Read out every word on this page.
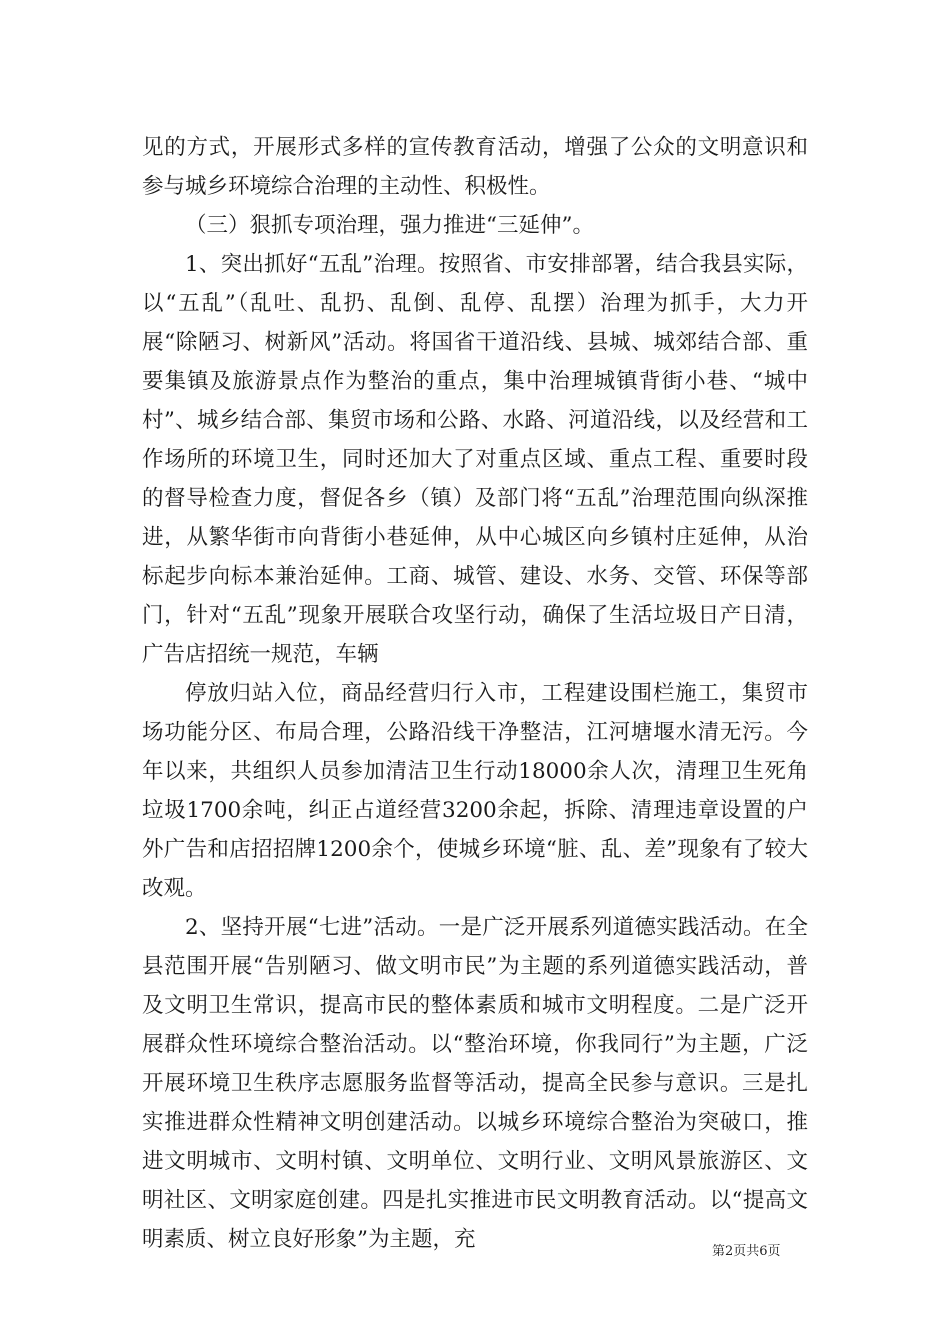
见的方式，开展形式多样的宣传教育活动，增强了公众的文明意识和参与城乡环境综合治理的主动性、积极性。

（三）狠抓专项治理，强力推进“三延伸”。

1、突出抓好“五乱”治理。按照省、市安排部署，结合我县实际，以“五乱”（乱吐、乱扔、乱倒、乱停、乱摆）治理为抓手，大力开展“除陋习、树新风”活动。将国省干道沿线、县城、城郊结合部、重要集镇及旅游景点作为整治的重点，集中治理城镇背街小巷、“城中村”、城乡结合部、集贸市场和公路、水路、河道沿线，以及经营和工作场所的环境卫生，同时还加大了对重点区域、重点工程、重要时段的督导检查力度，督促各乡（镇）及部门将“五乱”治理范围向纵深推进，从繁华街市向背街小巷延伸，从中心城区向乡镇村庄延伸，从治标起步向标本兼治延伸。工商、城管、建设、水务、交管、环保等部门，针对“五乱”现象开展联合攻坚行动，确保了生活垃圾日产日清，广告店招统一规范，车辆

停放归站入位，商品经营归行入市，工程建设围栏施工，集贸市场功能分区、布局合理，公路沿线干净整洁，江河塘堰水清无污。今年以来，共组织人员参加清洁卫生行动18000余人次，清理卫生死角垃圾1700余吨，纠正占道经营3200余起，拆除、清理违章设置的户外广告和店招招牌1200余个，使城乡环境“脏、乱、差”现象有了较大改观。

2、坚持开展“七进”活动。一是广泛开展系列道德实践活动。在全县范围开展“告别陋习、做文明市民”为主题的系列道德实践活动，普及文明卫生常识，提高市民的整体素质和城市文明程度。二是广泛开展群众性环境综合整治活动。以“整治环境，你我同行”为主题，广泛开展环境卫生秩序志愿服务监督等活动，提高全民参与意识。三是扎实推进群众性精神文明创建活动。以城乡环境综合整治为突破口，推进文明城市、文明村镇、文明单位、文明行业、文明风景旅游区、文明社区、文明家庭创建。四是扎实推进市民文明教育活动。以“提高文明素质、树立良好形象”为主题，充	第2页共6页
